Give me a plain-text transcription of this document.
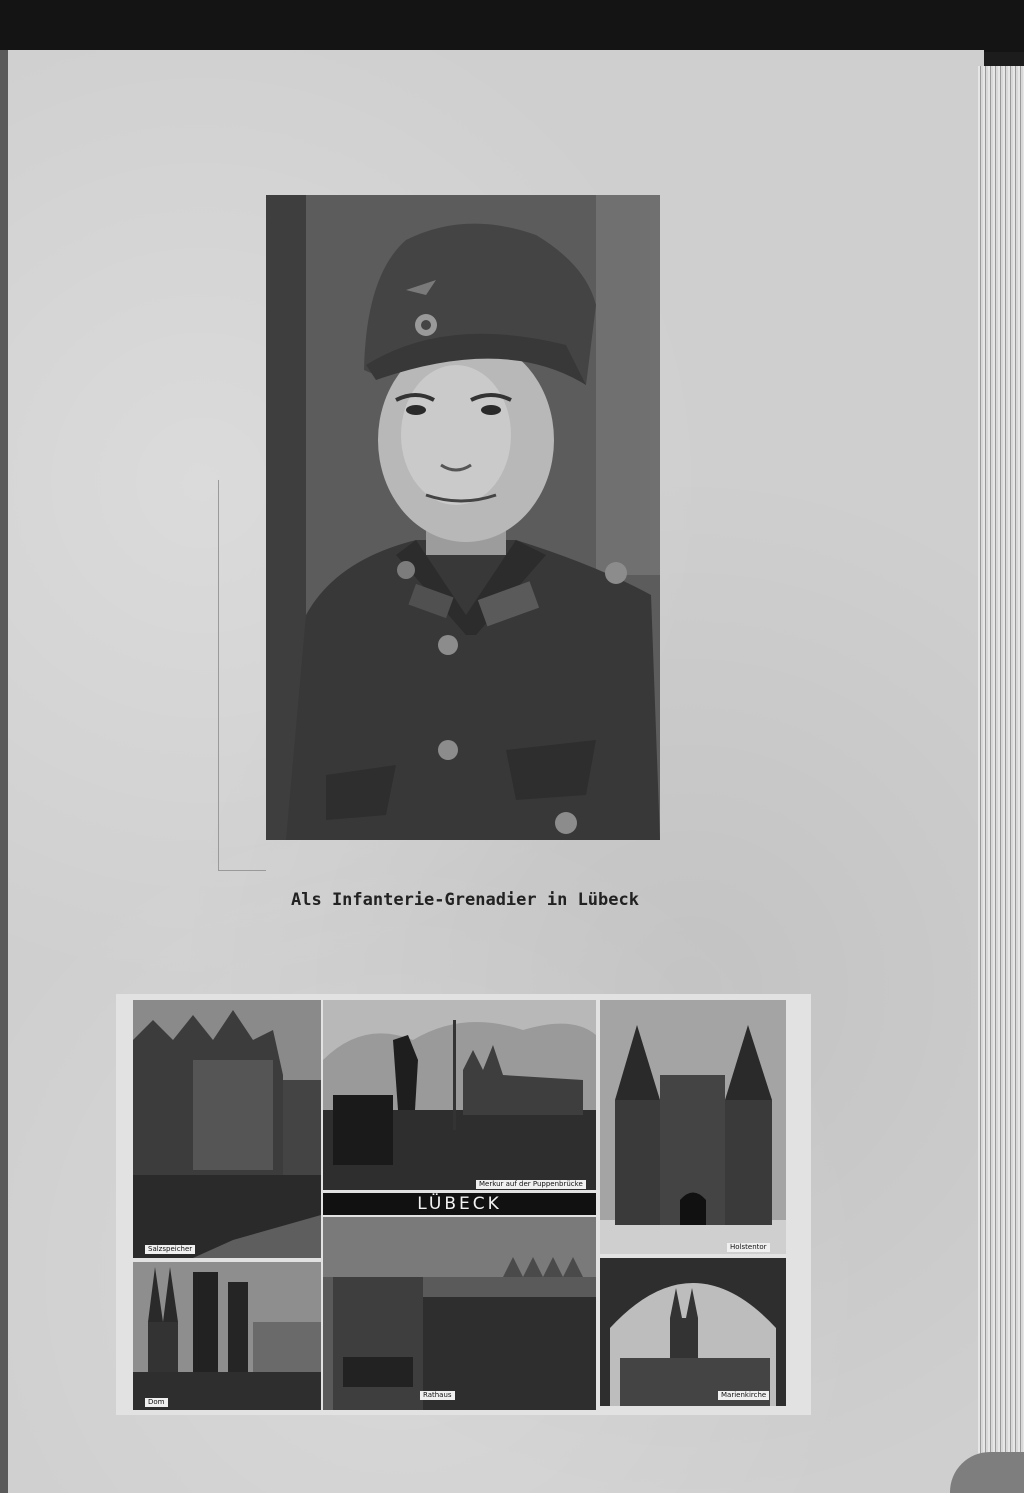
Als Infanterie-Grenadier in Lübeck
Salzspeicher
Merkur auf der Puppenbrücke
LÜBECK
Holstentor
Dom
Rathaus	Marienkirche
